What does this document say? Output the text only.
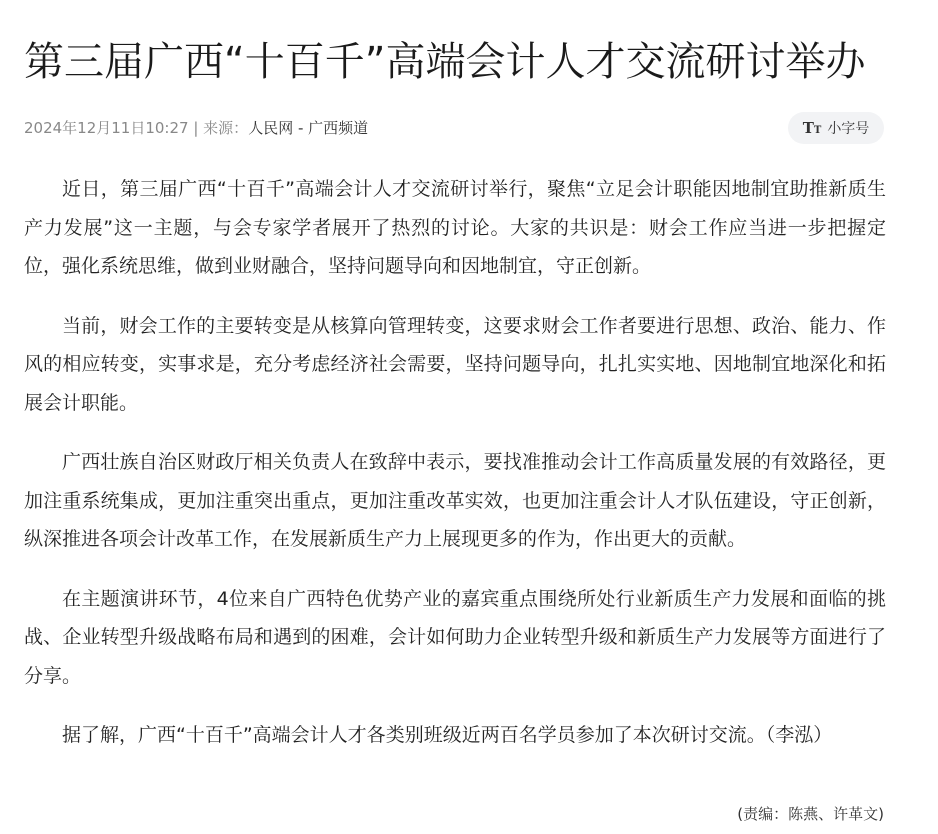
第三届广西“十百千”高端会计人才交流研讨举办
2024年12月11日10:27 | 来源：人民网 - 广西频道	TT 小字号

近日，第三届广西“十百千”高端会计人才交流研讨举行，聚焦“立足会计职能因地制宜助推新质生产力发展”这一主题，与会专家学者展开了热烈的讨论。大家的共识是：财会工作应当进一步把握定位，强化系统思维，做到业财融合，坚持问题导向和因地制宜，守正创新。

当前，财会工作的主要转变是从核算向管理转变，这要求财会工作者要进行思想、政治、能力、作风的相应转变，实事求是，充分考虑经济社会需要，坚持问题导向，扎扎实实地、因地制宜地深化和拓展会计职能。

广西壮族自治区财政厅相关负责人在致辞中表示，要找准推动会计工作高质量发展的有效路径，更加注重系统集成，更加注重突出重点，更加注重改革实效，也更加注重会计人才队伍建设，守正创新，纵深推进各项会计改革工作，在发展新质生产力上展现更多的作为，作出更大的贡献。

在主题演讲环节，4位来自广西特色优势产业的嘉宾重点围绕所处行业新质生产力发展和面临的挑战、企业转型升级战略布局和遇到的困难，会计如何助力企业转型升级和新质生产力发展等方面进行了分享。

据了解，广西“十百千”高端会计人才各类别班级近两百名学员参加了本次研讨交流。（李泓）

(责编：陈燕、许革文)
